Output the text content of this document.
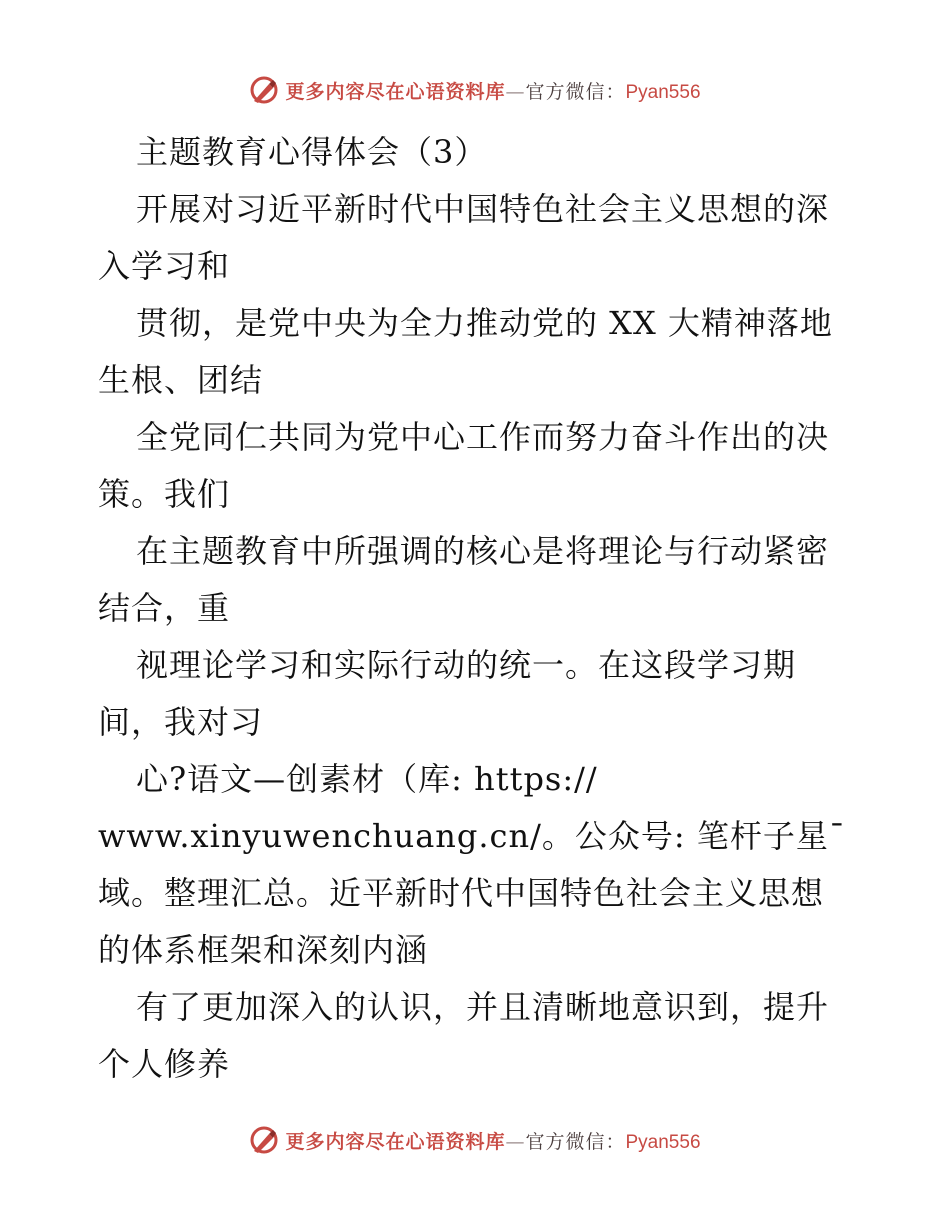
更多内容尽在心语资料库—官方微信：Pyan556
主题教育心得体会（3）
开展对习近平新时代中国特色社会主义思想的深
入学习和
贯彻，是党中央为全力推动党的 XX 大精神落地
生根、团结
全党同仁共同为党中心工作而努力奋斗作出的决
策。我们
在主题教育中所强调的核心是将理论与行动紧密
结合，重
视理论学习和实际行动的统一。在这段学习期
间，我对习
心?语文—创素材（库: https://
www.xinyuwenchuang.cn/。公众号: 笔杆子星¯
域。整理汇总。近平新时代中国特色社会主义思想
的体系框架和深刻内涵
有了更加深入的认识，并且清晰地意识到，提升
个人修养
更多内容尽在心语资料库—官方微信：Pyan556
